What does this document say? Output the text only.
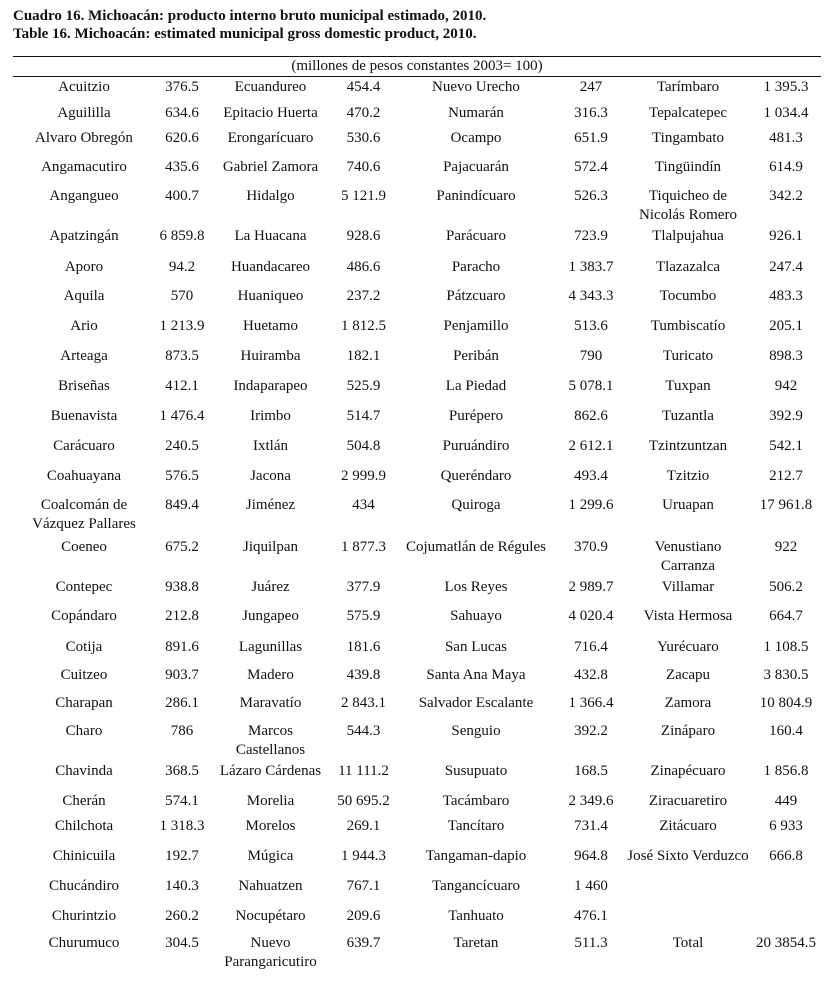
Cuadro 16. Michoacán: producto interno bruto municipal estimado, 2010.
Table 16. Michoacán: estimated municipal gross domestic product, 2010.
(millones de pesos constantes 2003= 100)
Acuitzio	376.5	Ecuandureo	454.4	Nuevo Urecho	247	Tarímbaro	1 395.3

Aguililla	634.6	Epitacio Huerta	470.2	Numarán	316.3	Tepalcatepec	1 034.4

Alvaro Obregón	620.6	Erongarícuaro	530.6	Ocampo	651.9	Tingambato	481.3

Angamacutiro	435.6	Gabriel Zamora	740.6	Pajacuarán	572.4	Tingüindín	614.9

Angangueo	400.7	Hidalgo	5 121.9	Panindícuaro	526.3	Tiquicheo de
Nicolás Romero	342.2

Apatzingán	6 859.8	La Huacana	928.6	Parácuaro	723.9	Tlalpujahua	926.1

Aporo	94.2	Huandacareo	486.6	Paracho	1 383.7	Tlazazalca	247.4

Aquila	570	Huaniqueo	237.2	Pátzcuaro	4 343.3	Tocumbo	483.3

Ario	1 213.9	Huetamo	1 812.5	Penjamillo	513.6	Tumbiscatío	205.1

Arteaga	873.5	Huiramba	182.1	Peribán	790	Turicato	898.3

Briseñas	412.1	Indaparapeo	525.9	La Piedad	5 078.1	Tuxpan	942

Buenavista	1 476.4	Irimbo	514.7	Purépero	862.6	Tuzantla	392.9

Carácuaro	240.5	Ixtlán	504.8	Puruándiro	2 612.1	Tzintzuntzan	542.1

Coahuayana	576.5	Jacona	2 999.9	Queréndaro	493.4	Tzitzio	212.7

Coalcomán de
Vázquez Pallares	849.4	Jiménez	434	Quiroga	1 299.6	Uruapan	17 961.8

Coeneo	675.2	Jiquilpan	1 877.3	Cojumatlán de Régules	370.9	Venustiano
Carranza	922

Contepec	938.8	Juárez	377.9	Los Reyes	2 989.7	Villamar	506.2

Copándaro	212.8	Jungapeo	575.9	Sahuayo	4 020.4	Vista Hermosa	664.7

Cotija	891.6	Lagunillas	181.6	San Lucas	716.4	Yurécuaro	1 108.5

Cuitzeo	903.7	Madero	439.8	Santa Ana Maya	432.8	Zacapu	3 830.5

Charapan	286.1	Maravatío	2 843.1	Salvador Escalante	1 366.4	Zamora	10 804.9

Charo	786	Marcos
Castellanos	544.3	Senguio	392.2	Zináparo	160.4

Chavinda	368.5	Lázaro Cárdenas	11 111.2	Susupuato	168.5	Zinapécuaro	1 856.8

Cherán	574.1	Morelia	50 695.2	Tacámbaro	2 349.6	Ziracuaretiro	449

Chilchota	1 318.3	Morelos	269.1	Tancítaro	731.4	Zitácuaro	6 933

Chinicuila	192.7	Múgica	1 944.3	Tangaman-dapio	964.8	José Sixto Verduzco	666.8

Chucándiro	140.3	Nahuatzen	767.1	Tangancícuaro	1 460		

Churintzio	260.2	Nocupétaro	209.6	Tanhuato	476.1		

Churumuco	304.5	Nuevo
Parangaricutiro	639.7	Taretan	511.3	Total	20 3854.5
